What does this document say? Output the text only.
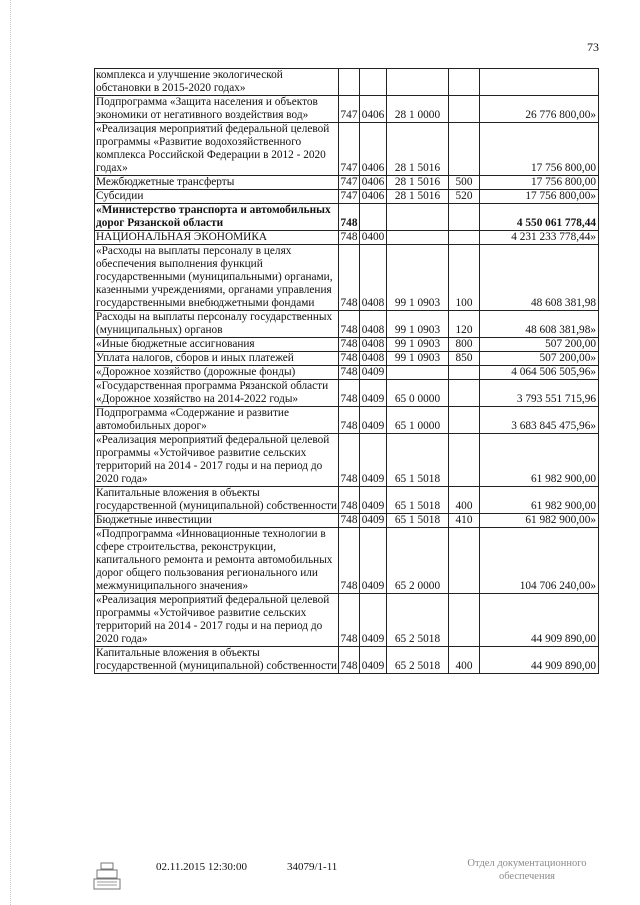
73
комплекса и улучшение экологической обстановки в 2015-2020 годах»					
Подпрограмма «Защита населения и объектов экономики от негативного воздействия вод»	747	0406	28 1 0000		26 776 800,00»
«Реализация мероприятий федеральной целевой программы «Развитие водохозяйственного комплекса Российской Федерации в 2012 - 2020 годах»	747	0406	28 1 5016		17 756 800,00
Межбюджетные трансферты	747	0406	28 1 5016	500	17 756 800,00
Субсидии	747	0406	28 1 5016	520	17 756 800,00»
«Министерство транспорта и автомобильных дорог Рязанской области	748				4 550 061 778,44
НАЦИОНАЛЬНАЯ ЭКОНОМИКА	748	0400			4 231 233 778,44»
«Расходы на выплаты персоналу в целях обеспечения выполнения функций государственными (муниципальными) органами, казенными учреждениями, органами управления государственными внебюджетными фондами	748	0408	99 1 0903	100	48 608 381,98
Расходы на выплаты персоналу государственных (муниципальных) органов	748	0408	99 1 0903	120	48 608 381,98»
«Иные бюджетные ассигнования	748	0408	99 1 0903	800	507 200,00
Уплата налогов, сборов и иных платежей	748	0408	99 1 0903	850	507 200,00»
«Дорожное хозяйство (дорожные фонды)	748	0409			4 064 506 505,96»
«Государственная программа Рязанской области «Дорожное хозяйство на 2014-2022 годы»	748	0409	65 0 0000		3 793 551 715,96
Подпрограмма «Содержание и развитие автомобильных дорог»	748	0409	65 1 0000		3 683 845 475,96»
«Реализация мероприятий федеральной целевой программы «Устойчивое развитие сельских территорий на 2014 - 2017 годы и на период до 2020 года»	748	0409	65 1 5018		61 982 900,00
Капитальные вложения в объекты государственной (муниципальной) собственности	748	0409	65 1 5018	400	61 982 900,00
Бюджетные инвестиции	748	0409	65 1 5018	410	61 982 900,00»
«Подпрограмма «Инновационные технологии в сфере строительства, реконструкции, капитального ремонта и ремонта автомобильных дорог общего пользования регионального или межмуниципального значения»	748	0409	65 2 0000		104 706 240,00»
«Реализация мероприятий федеральной целевой программы «Устойчивое развитие сельских территорий на 2014 - 2017 годы и на период до 2020 года»	748	0409	65 2 5018		44 909 890,00
Капитальные вложения в объекты государственной (муниципальной) собственности	748	0409	65 2 5018	400	44 909 890,00
02.11.2015 12:30:00	34079/1-11	Отдел документационного обеспечения
